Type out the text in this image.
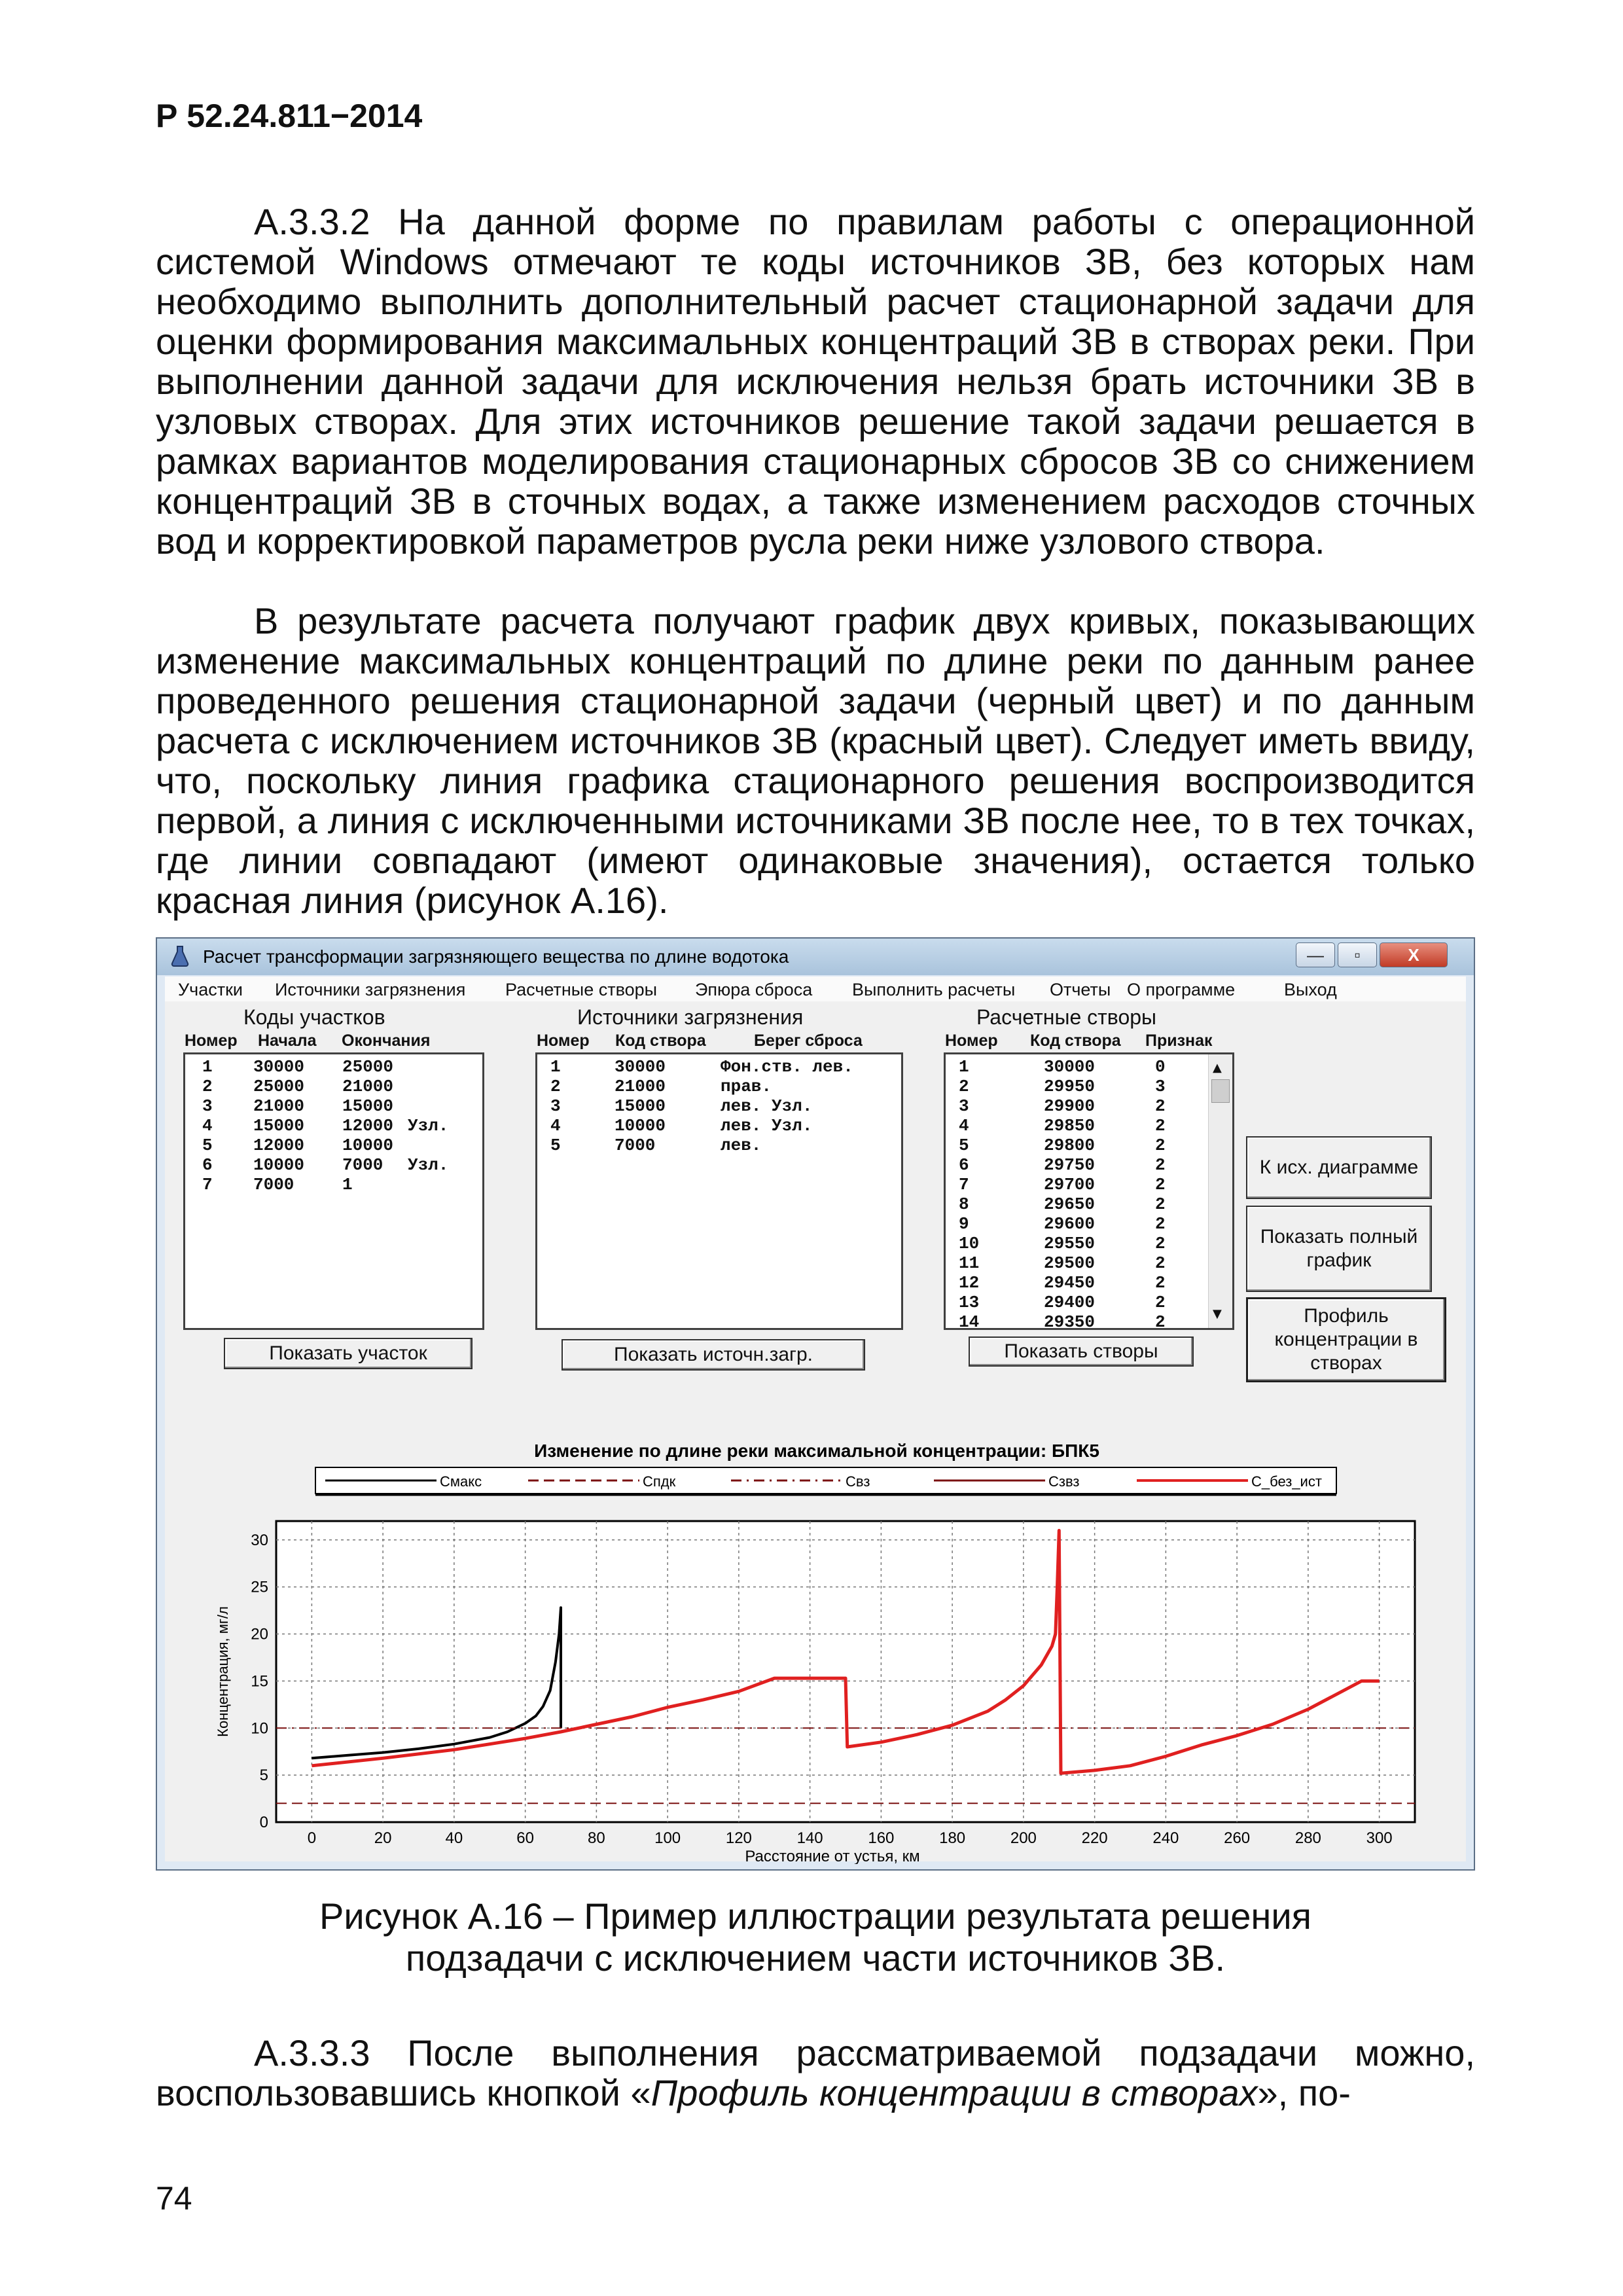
Р 52.24.811−2014

А.3.3.2 На данной форме по правилам работы с операционной системой Windows отмечают те коды источников ЗВ, без которых нам необходимо выполнить дополнительный расчет стационарной задачи для оценки формирования максимальных концентраций ЗВ в створах реки. При выполнении данной задачи для исключения нельзя брать источники ЗВ в узловых створах. Для этих источников решение такой задачи решается в рамках вариантов моделирования стационарных сбросов ЗВ со снижением концентраций ЗВ в сточных водах, а также изменением расходов сточных вод и корректировкой параметров русла реки ниже узлового створа.

В результате расчета получают график двух кривых, показывающих изменение максимальных концентраций по длине реки по данным ранее проведенного решения стационарной задачи (черный цвет) и по данным расчета с исключением источников ЗВ (красный цвет). Следует иметь ввиду, что, поскольку линия графика стационарного решения воспроизводится первой, а линия с исключенными источниками ЗВ после нее, то в тех точках, где линии совпадают (имеют одинаковые значения), остается только красная линия (рисунок А.16).

Расчет трансформации загрязняющего вещества по длине водотока	—	▫	X
Участки Источники загрязнения Расчетные створы Эпюра сброса Выполнить расчеты Отчеты О программе	Выход
Коды участков
Номер Начала Окончания
1 30000 25000
2 25000 21000
3 21000 15000
4 15000 12000 Узл.
5 12000 10000
6 10000 7000 Узл.
7 7000	1
Показать участок
Источники загрязнения
Номер Код створа	Берег сброса
1	30000	Фон.ств. лев.
2	21000	прав.
3	15000	лев. Узл.
4	10000	лев. Узл.
5	7000	лев.
Показать источн.загр.
Расчетные створы
Номер Код створа Признак
▲
▼
1	30000	0
2	29950	3
3	29900	2
4	29850	2
5	29800	2
6	29750	2
7	29700	2
8	29650	2
9	29600	2
10	29550	2
11	29500	2
12	29450	2
13	29400	2
14	29350	2
Показать створы
К исх. диаграмме
Показать полный график
Профиль концентрации в створах
Изменение по длине реки максимальной концентрации: БПК5
Смакс	Спдк	Свз	Сзвз	С_без_ист
0	20	40	60	80	100	120	140	160	180	200	220	240	260	280	300
0
5
10
15
20
25
30
Расстояние от устья, км
Концентрация, мг/л
Рисунок А.16 – Пример иллюстрации результата решения
подзадачи с исключением части источников ЗВ.

А.3.3.3 После выполнения рассматриваемой подзадачи можно, воспользовавшись кнопкой «Профиль концентрации в створах», по-

74
